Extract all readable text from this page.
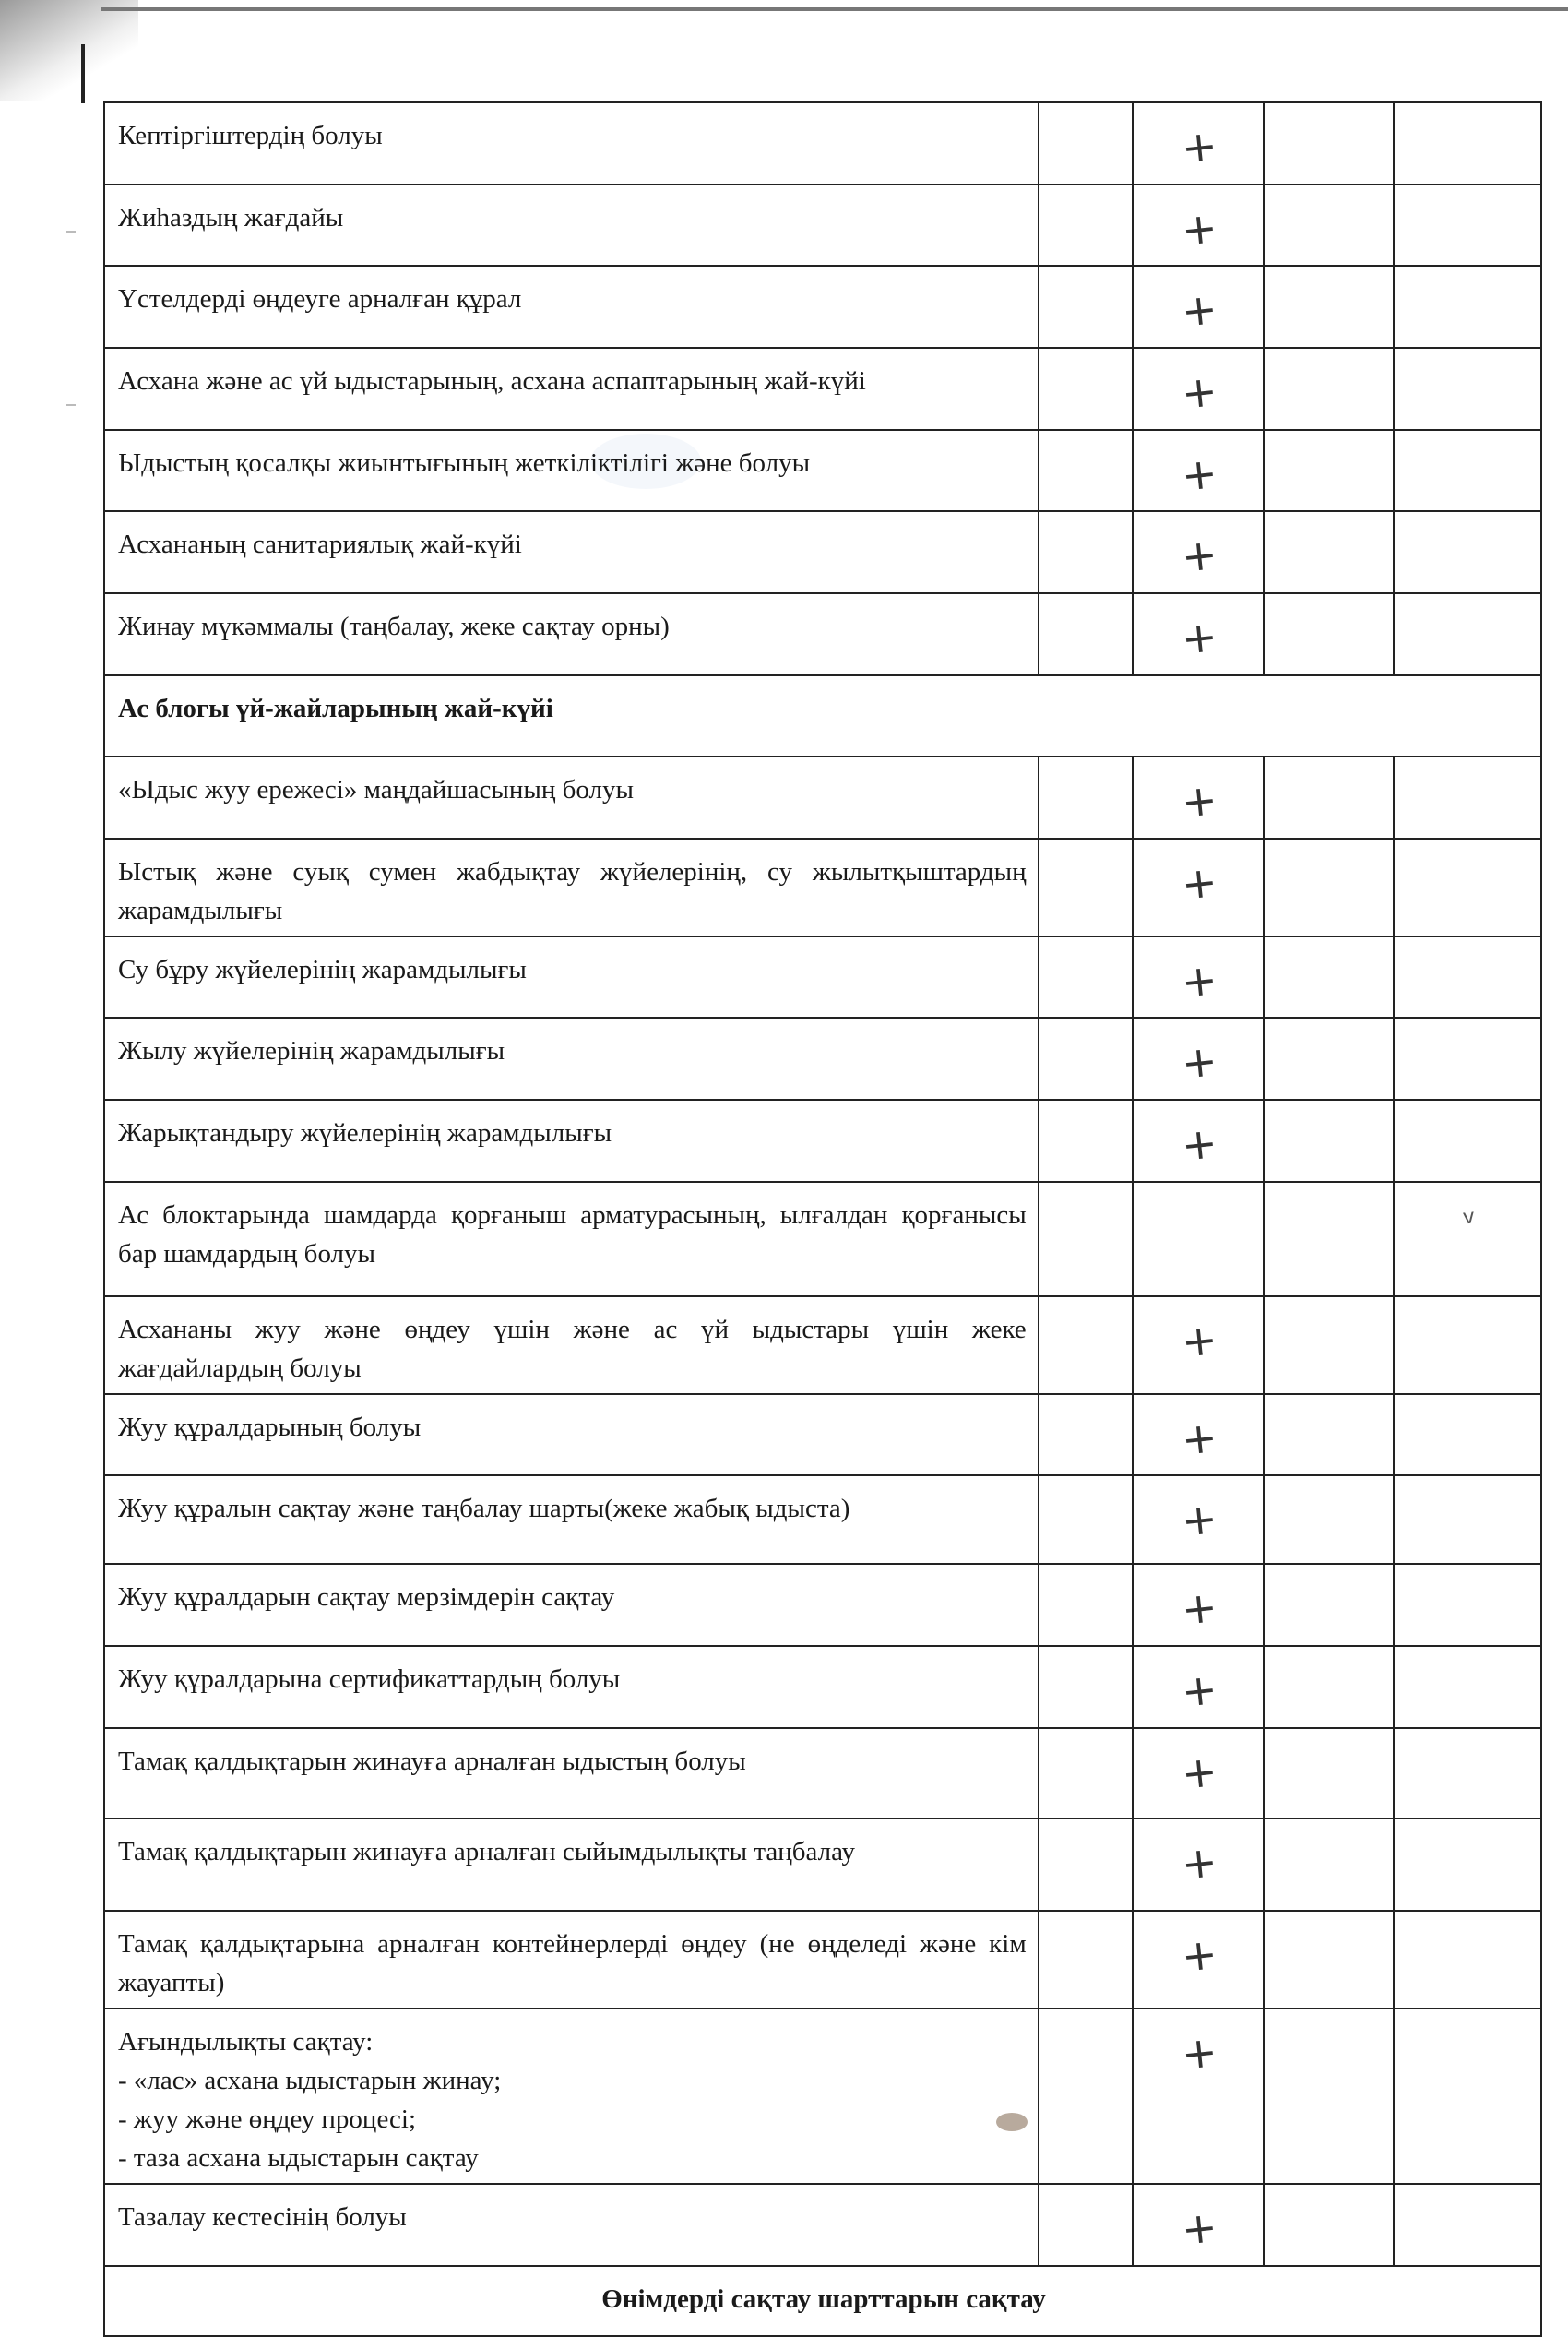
Кептіргіштердің болуы		+		
Жиһаздың жағдайы		+		
Үстелдерді өңдеуге арналған құрал		+		
Асхана және ас үй ыдыстарының, асхана аспаптарының жай-күйі		+		
Ыдыстың қосалқы жиынтығының жеткіліктілігі және болуы		+		
Асхананың санитариялық жай-күйі		+		
Жинау мүкәммалы (таңбалау, жеке сақтау орны)		+		
Ас блогы үй-жайларының жай-күйі				
«Ыдыс жуу ережесі» маңдайшасының болуы		+		
Ыстық және суық сумен жабдықтау жүйелерінің, су жылытқыштардың жарамдылығы		+		
Су бұру жүйелерінің жарамдылығы		+		
Жылу жүйелерінің жарамдылығы		+		
Жарықтандыру жүйелерінің жарамдылығы		+		
Ас блоктарында шамдарда қорғаныш арматурасының, ылғалдан қорғанысы бар шамдардың болуы				v
Асхананы жуу және өңдеу үшін және ас үй ыдыстары үшін жеке жағдайлардың болуы		+		
Жуу құралдарының болуы		+		
Жуу құралын сақтау және таңбалау шарты(жеке жабық ыдыста)		+		
Жуу құралдарын сақтау мерзімдерін сақтау		+		
Жуу құралдарына сертификаттардың болуы		+		
Тамақ қалдықтарын жинауға арналған ыдыстың болуы		+		
Тамақ қалдықтарын жинауға арналған сыйымдылықты таңбалау		+		
Тамақ қалдықтарына арналған контейнерлерді өңдеу (не өңделеді және кім жауапты)		+		
Ағындылықты сақтау:
- «лас» асхана ыдыстарын жинау;
- жуу және өңдеу процесі;
- таза асхана ыдыстарын сақтау		+		
Тазалау кестесінің болуы		+		
Өнімдерді сақтау шарттарын сақтау				
